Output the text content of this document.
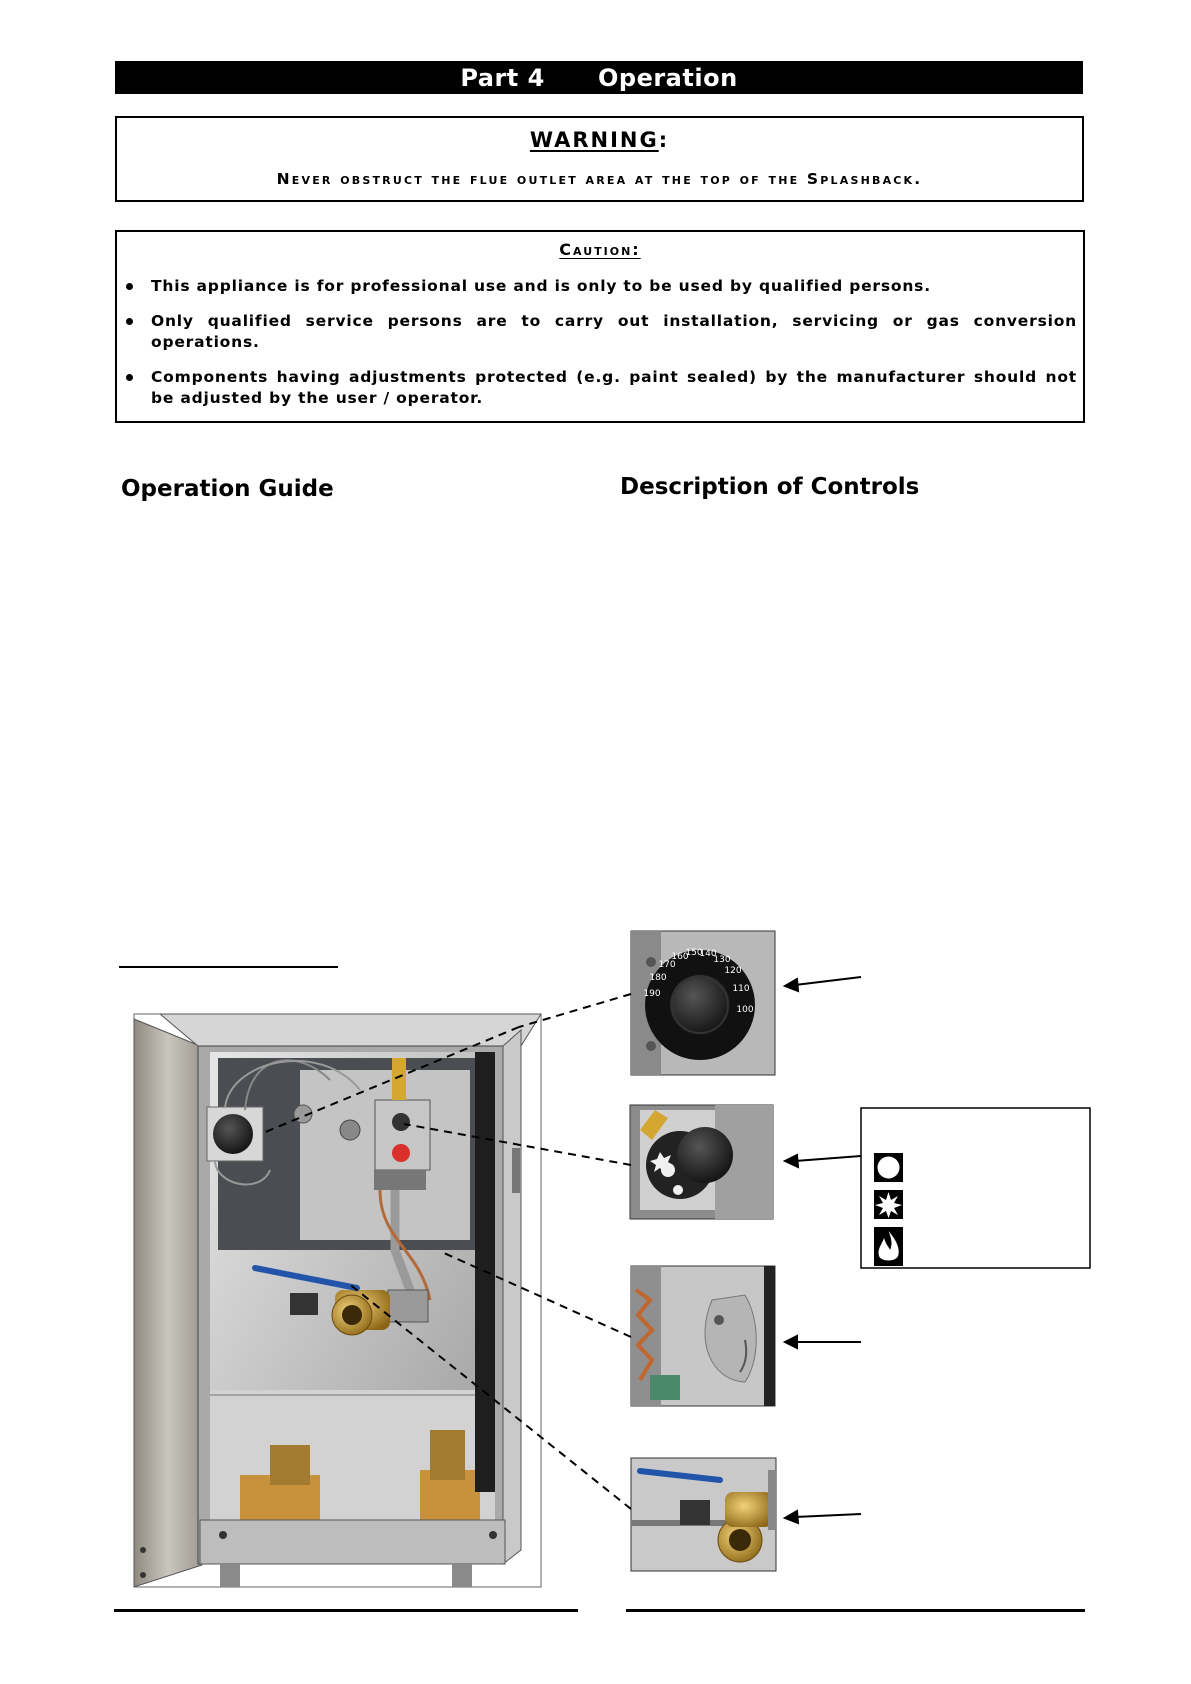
Part 4
Operation
WARNING:
Never obstruct the flue outlet area at the top of the Splashback.
Caution:
This appliance is for professional use and is only to be used by qualified persons.
Only qualified service persons are to carry out installation, servicing or gas conversion operations.
Components having adjustments protected (e.g. paint sealed) by the manufacturer should not be adjusted by the user / operator.
Operation Guide	Description of Controls
100
110
120
130
140
150
160
170
180
190
